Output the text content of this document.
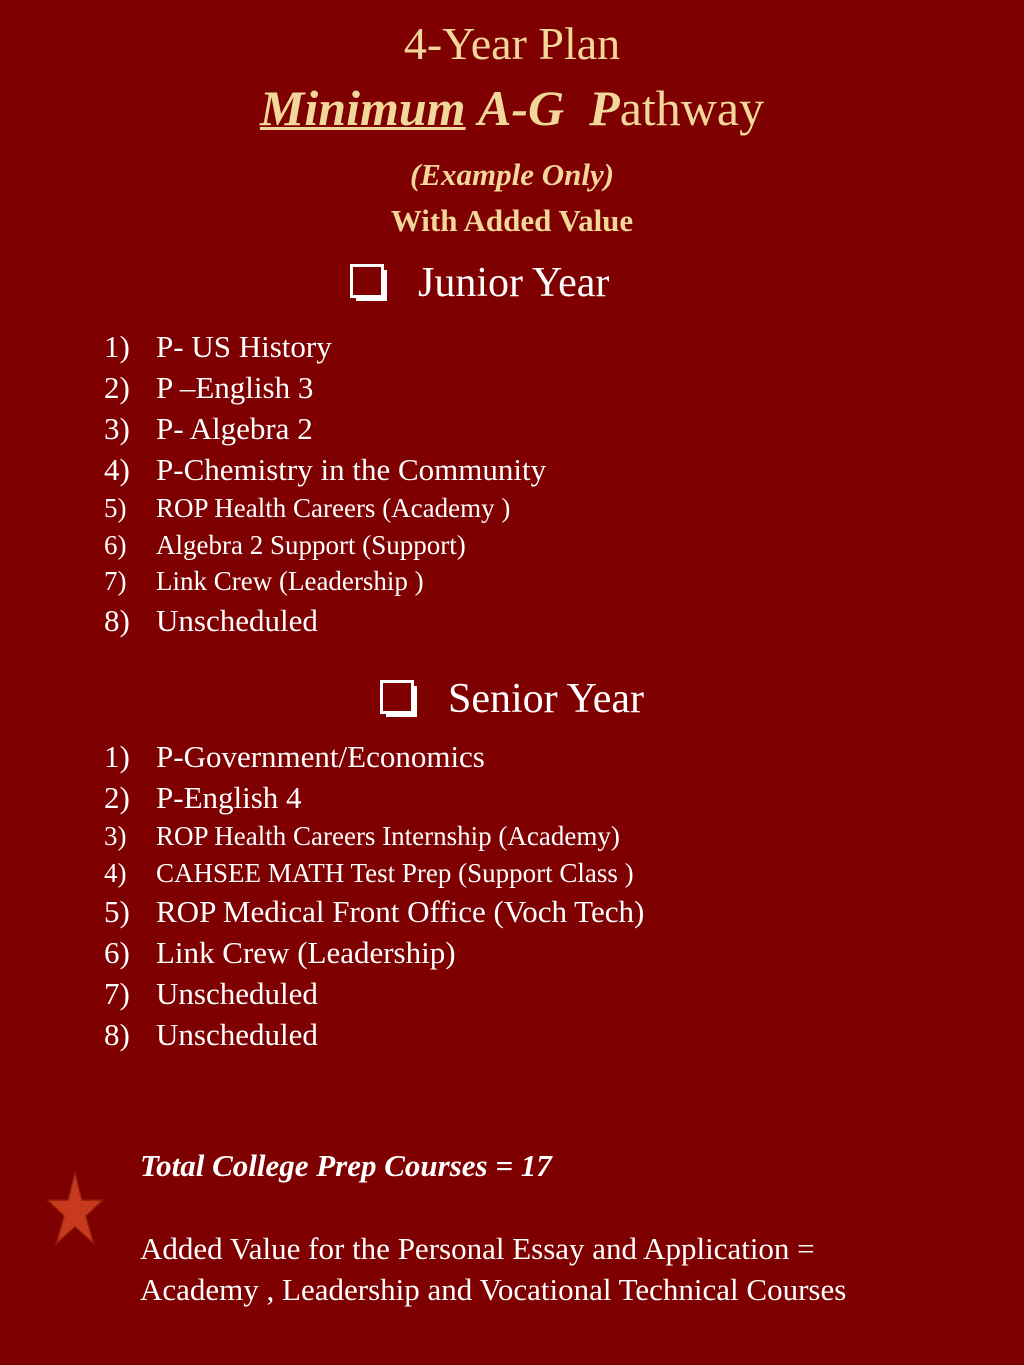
4-Year Plan
Minimum A-G Pathway
(Example Only)
With Added Value
Junior Year
1) P- US History
2) P –English 3
3) P- Algebra 2
4) P-Chemistry in the Community
5)	ROP Health Careers (Academy )
6)	Algebra 2 Support (Support)
7)	Link Crew (Leadership )
8) Unscheduled
Senior Year
1) P-Government/Economics
2) P-English 4
3)	ROP Health Careers Internship (Academy)
4)	CAHSEE MATH Test Prep (Support Class )
5) ROP Medical Front Office (Voch Tech)
6) Link Crew (Leadership)
7) Unscheduled
8) Unscheduled
Total College Prep Courses = 17
Added Value for the Personal Essay and Application =
Academy , Leadership and Vocational Technical Courses
